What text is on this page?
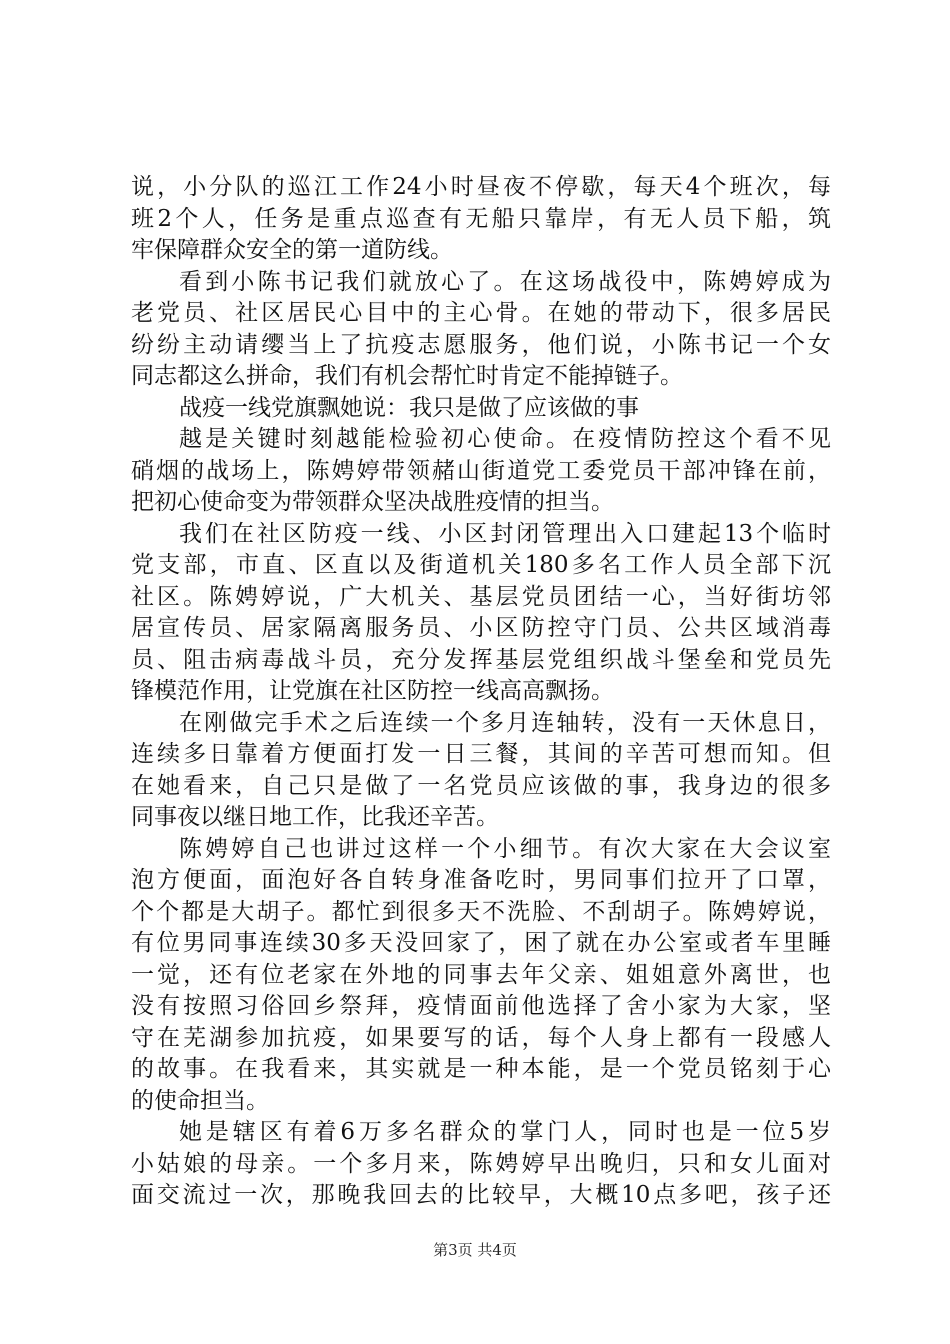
说，小分队的巡江工作24小时昼夜不停歇，每天4个班次，每
班2个人，任务是重点巡查有无船只靠岸，有无人员下船，筑
牢保障群众安全的第一道防线。
看到小陈书记我们就放心了。在这场战役中，陈娉婷成为
老党员、社区居民心目中的主心骨。在她的带动下，很多居民
纷纷主动请缨当上了抗疫志愿服务，他们说，小陈书记一个女
同志都这么拼命，我们有机会帮忙时肯定不能掉链子。
战疫一线党旗飘她说：我只是做了应该做的事
越是关键时刻越能检验初心使命。在疫情防控这个看不见
硝烟的战场上，陈娉婷带领赭山街道党工委党员干部冲锋在前，
把初心使命变为带领群众坚决战胜疫情的担当。
我们在社区防疫一线、小区封闭管理出入口建起13个临时
党支部，市直、区直以及街道机关180多名工作人员全部下沉
社区。陈娉婷说，广大机关、基层党员团结一心，当好街坊邻
居宣传员、居家隔离服务员、小区防控守门员、公共区域消毒
员、阻击病毒战斗员，充分发挥基层党组织战斗堡垒和党员先
锋模范作用，让党旗在社区防控一线高高飘扬。
在刚做完手术之后连续一个多月连轴转，没有一天休息日，
连续多日靠着方便面打发一日三餐，其间的辛苦可想而知。但
在她看来，自己只是做了一名党员应该做的事，我身边的很多
同事夜以继日地工作，比我还辛苦。
陈娉婷自己也讲过这样一个小细节。有次大家在大会议室
泡方便面，面泡好各自转身准备吃时，男同事们拉开了口罩，
个个都是大胡子。都忙到很多天不洗脸、不刮胡子。陈娉婷说，
有位男同事连续30多天没回家了，困了就在办公室或者车里睡
一觉，还有位老家在外地的同事去年父亲、姐姐意外离世，也
没有按照习俗回乡祭拜，疫情面前他选择了舍小家为大家，坚
守在芜湖参加抗疫，如果要写的话，每个人身上都有一段感人
的故事。在我看来，其实就是一种本能，是一个党员铭刻于心
的使命担当。
她是辖区有着6万多名群众的掌门人，同时也是一位5岁
小姑娘的母亲。一个多月来，陈娉婷早出晚归，只和女儿面对
面交流过一次，那晚我回去的比较早，大概10点多吧，孩子还
第3页 共4页
